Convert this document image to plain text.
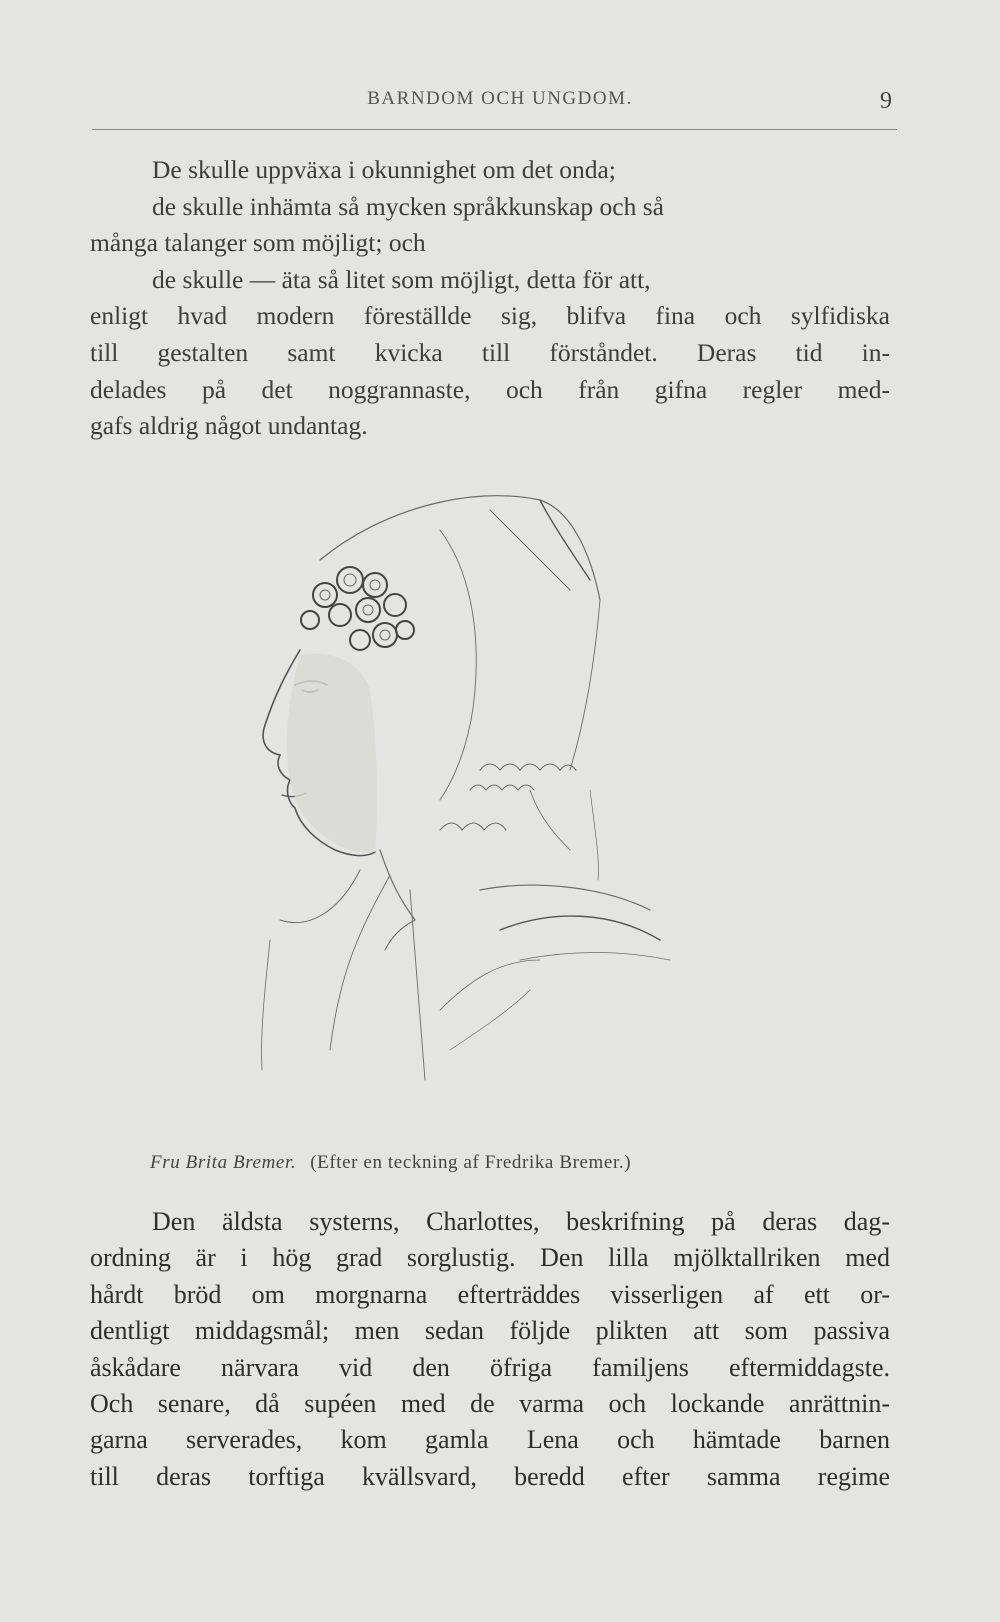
BARNDOM OCH UNGDOM.	9
De skulle uppväxa i okunnighet om det onda;
de skulle inhämta så mycken språkkunskap och så
många talanger som möjligt; och
de skulle — äta så litet som möjligt, detta för att,
enligt hvad modern föreställde sig, blifva fina och sylfidiska
till gestalten samt kvicka till förståndet. Deras tid in-
delades på det noggrannaste, och från gifna regler med-
gafs aldrig något undantag.
Fru Brita Bremer. (Efter en teckning af Fredrika Bremer.)
Den äldsta systerns, Charlottes, beskrifning på deras dag-
ordning är i hög grad sorglustig. Den lilla mjölktallriken med
hårdt bröd om morgnarna efterträddes visserligen af ett or-
dentligt middagsmål; men sedan följde plikten att som passiva
åskådare närvara vid den öfriga familjens eftermiddagste.
Och senare, då supéen med de varma och lockande anrättnin-
garna serverades, kom gamla Lena och hämtade barnen
till deras torftiga kvällsvard, beredd efter samma regime
